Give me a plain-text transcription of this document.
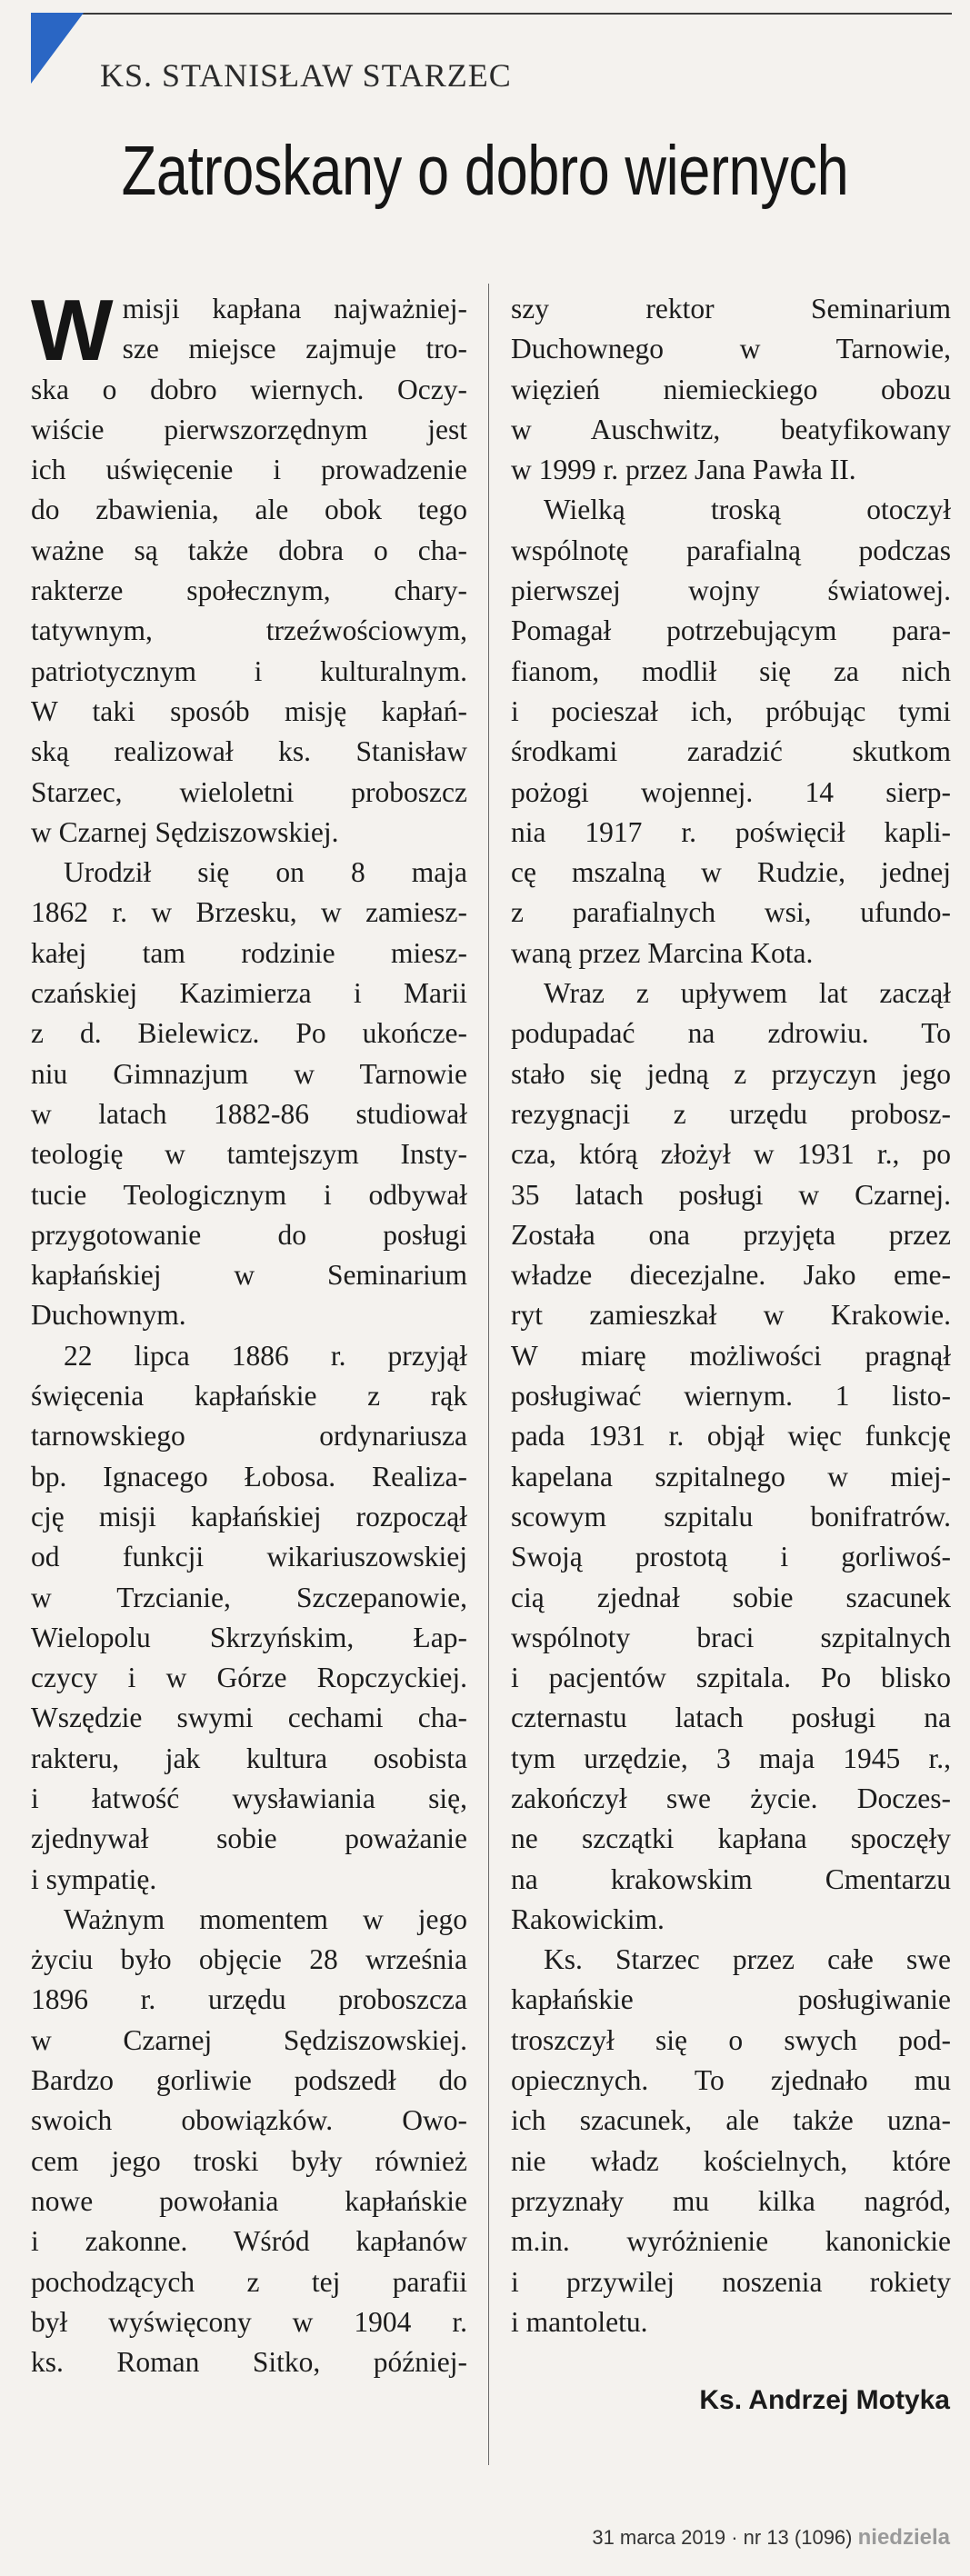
KS. STANISŁAW STARZEC
Zatroskany o dobro wiernych
W misji kapłana najważniej-
sze miejsce zajmuje tro-
ska o dobro wiernych. Oczy-
wiście pierwszorzędnym jest
ich uświęcenie i prowadzenie
do zbawienia, ale obok tego
ważne są także dobra o cha-
rakterze społecznym, chary-
tatywnym, trzeźwościowym,
patriotycznym i kulturalnym.
W taki sposób misję kapłań-
ską realizował ks. Stanisław
Starzec, wieloletni proboszcz
w Czarnej Sędziszowskiej.
Urodził się on 8 maja
1862 r. w Brzesku, w zamiesz-
kałej tam rodzinie miesz-
czańskiej Kazimierza i Marii
z d. Bielewicz. Po ukończe-
niu Gimnazjum w Tarnowie
w latach 1882-86 studiował
teologię w tamtejszym Insty-
tucie Teologicznym i odbywał
przygotowanie do posługi
kapłańskiej w Seminarium
Duchownym.
22 lipca 1886 r. przyjął
święcenia kapłańskie z rąk
tarnowskiego ordynariusza
bp. Ignacego Łobosa. Realiza-
cję misji kapłańskiej rozpoczął
od funkcji wikariuszowskiej
w Trzcianie, Szczepanowie,
Wielopolu Skrzyńskim, Łap-
czycy i w Górze Ropczyckiej.
Wszędzie swymi cechami cha-
rakteru, jak kultura osobista
i łatwość wysławiania się,
zjednywał sobie poważanie
i sympatię.
Ważnym momentem w jego
życiu było objęcie 28 września
1896 r. urzędu proboszcza
w Czarnej Sędziszowskiej.
Bardzo gorliwie podszedł do
swoich obowiązków. Owo-
cem jego troski były również
nowe powołania kapłańskie
i zakonne. Wśród kapłanów
pochodzących z tej parafii
był wyświęcony w 1904 r.
ks. Roman Sitko, później-
szy rektor Seminarium
Duchownego w Tarnowie,
więzień niemieckiego obozu
w Auschwitz, beatyfikowany
w 1999 r. przez Jana Pawła II.
Wielką troską otoczył
wspólnotę parafialną podczas
pierwszej wojny światowej.
Pomagał potrzebującym para-
fianom, modlił się za nich
i pocieszał ich, próbując tymi
środkami zaradzić skutkom
pożogi wojennej. 14 sierp-
nia 1917 r. poświęcił kapli-
cę mszalną w Rudzie, jednej
z parafialnych wsi, ufundo-
waną przez Marcina Kota.
Wraz z upływem lat zaczął
podupadać na zdrowiu. To
stało się jedną z przyczyn jego
rezygnacji z urzędu probosz-
cza, którą złożył w 1931 r., po
35 latach posługi w Czarnej.
Została ona przyjęta przez
władze diecezjalne. Jako eme-
ryt zamieszkał w Krakowie.
W miarę możliwości pragnął
posługiwać wiernym. 1 listo-
pada 1931 r. objął więc funkcję
kapelana szpitalnego w miej-
scowym szpitalu bonifratrów.
Swoją prostotą i gorliwoś-
cią zjednał sobie szacunek
wspólnoty braci szpitalnych
i pacjentów szpitala. Po blisko
czternastu latach posługi na
tym urzędzie, 3 maja 1945 r.,
zakończył swe życie. Doczes-
ne szczątki kapłana spoczęły
na krakowskim Cmentarzu
Rakowickim.
Ks. Starzec przez całe swe
kapłańskie posługiwanie
troszczył się o swych pod-
opiecznych. To zjednało mu
ich szacunek, ale także uzna-
nie władz kościelnych, które
przyznały mu kilka nagród,
m.in. wyróżnienie kanonickie
i przywilej noszenia rokiety
i mantoletu.
Ks. Andrzej Motyka
31 marca 2019 · nr 13 (1096) niedziela
